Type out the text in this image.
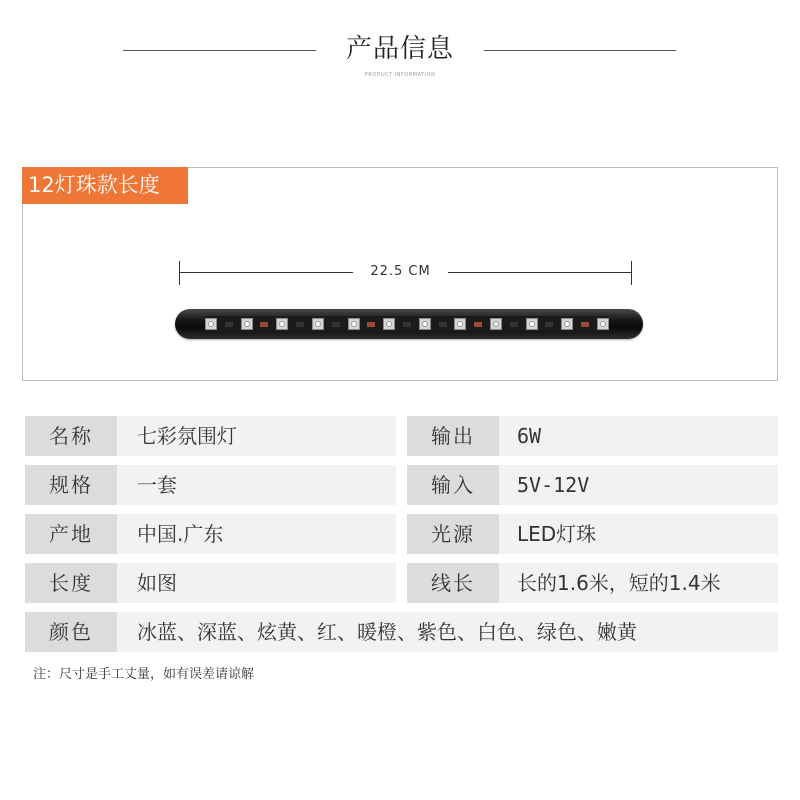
产品信息
PRODUCT INFORMATION
12灯珠款长度
22.5 CM
名称	七彩氛围灯	输出	6W
规格	一套	输入	5V-12V
产地	中国.广东	光源	LED灯珠
长度	如图	线长	长的1.6米，短的1.4米
颜色	冰蓝、深蓝、炫黄、红、暖橙、紫色、白色、绿色、嫩黄
注：尺寸是手工丈量，如有误差请谅解
